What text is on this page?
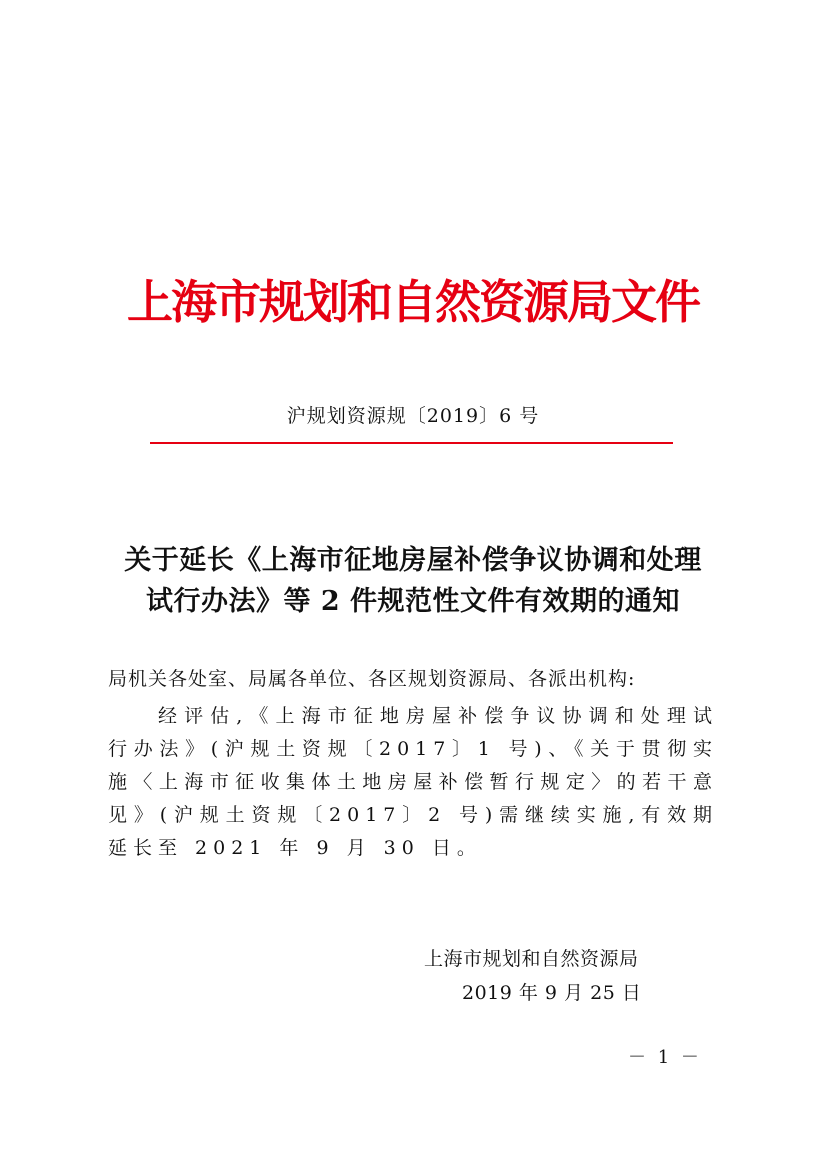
上海市规划和自然资源局文件
沪规划资源规〔2019〕6 号
关于延长《上海市征地房屋补偿争议协调和处理
试行办法》等 2 件规范性文件有效期的通知
局机关各处室、局属各单位、各区规划资源局、各派出机构:
经评估,《上海市征地房屋补偿争议协调和处理试行办法》(沪规土资规〔2017〕1 号)、《关于贯彻实施〈上海市征收集体土地房屋补偿暂行规定〉的若干意见》(沪规土资规〔2017〕2 号)需继续实施,有效期延长至 2021 年 9 月 30 日。
上海市规划和自然资源局
2019 年 9 月 25 日
－ 1 －
